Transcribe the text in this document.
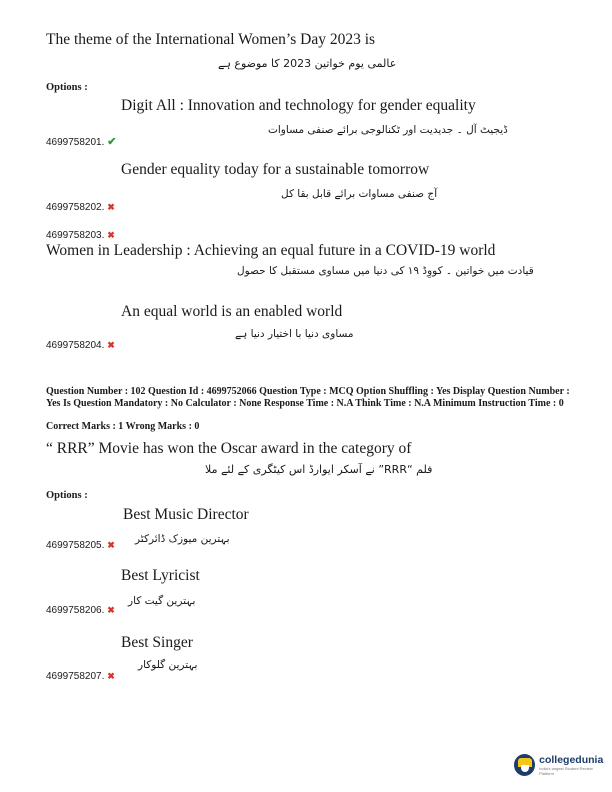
The theme of the International Women’s Day 2023 is
عالمی یوم خواتین 2023 کا موضوع ہے
Options :
Digit All : Innovation and technology for gender equality
ڈیجیٹ آل ۔ جدیدیت اور ٹکنالوجی برائے صنفی مساوات
4699758201. ✔
Gender equality today for a sustainable tomorrow
آج صنفی مساوات برائے قابل بقا کل
4699758202. ✖
4699758203. ✖
Women in Leadership : Achieving an equal future in a COVID-19 world
قیادت میں خواتین ۔ کووِڈ ۱۹ کی دنیا میں مساوی مستقبل کا حصول
An equal world is an enabled world
مساوی دنیا با اختیار دنیا ہے
4699758204. ✖
Question Number : 102 Question Id : 4699752066 Question Type : MCQ Option Shuffling : Yes Display Question Number : Yes Is Question Mandatory : No Calculator : None Response Time : N.A Think Time : N.A Minimum Instruction Time : 0
Correct Marks : 1 Wrong Marks : 0
“ RRR” Movie has won the Oscar award in the category of
فلم “RRR” نے آسکر ایوارڈ اس کیٹگری کے لئے ملا
Options :
Best Music Director
بہترین میوزک ڈائرکٹر
4699758205. ✖
Best Lyricist
بہترین گیت کار
4699758206. ✖
Best Singer
بہترین گلوکار
4699758207. ✖
collegedunia
India's largest Student Review Platform
